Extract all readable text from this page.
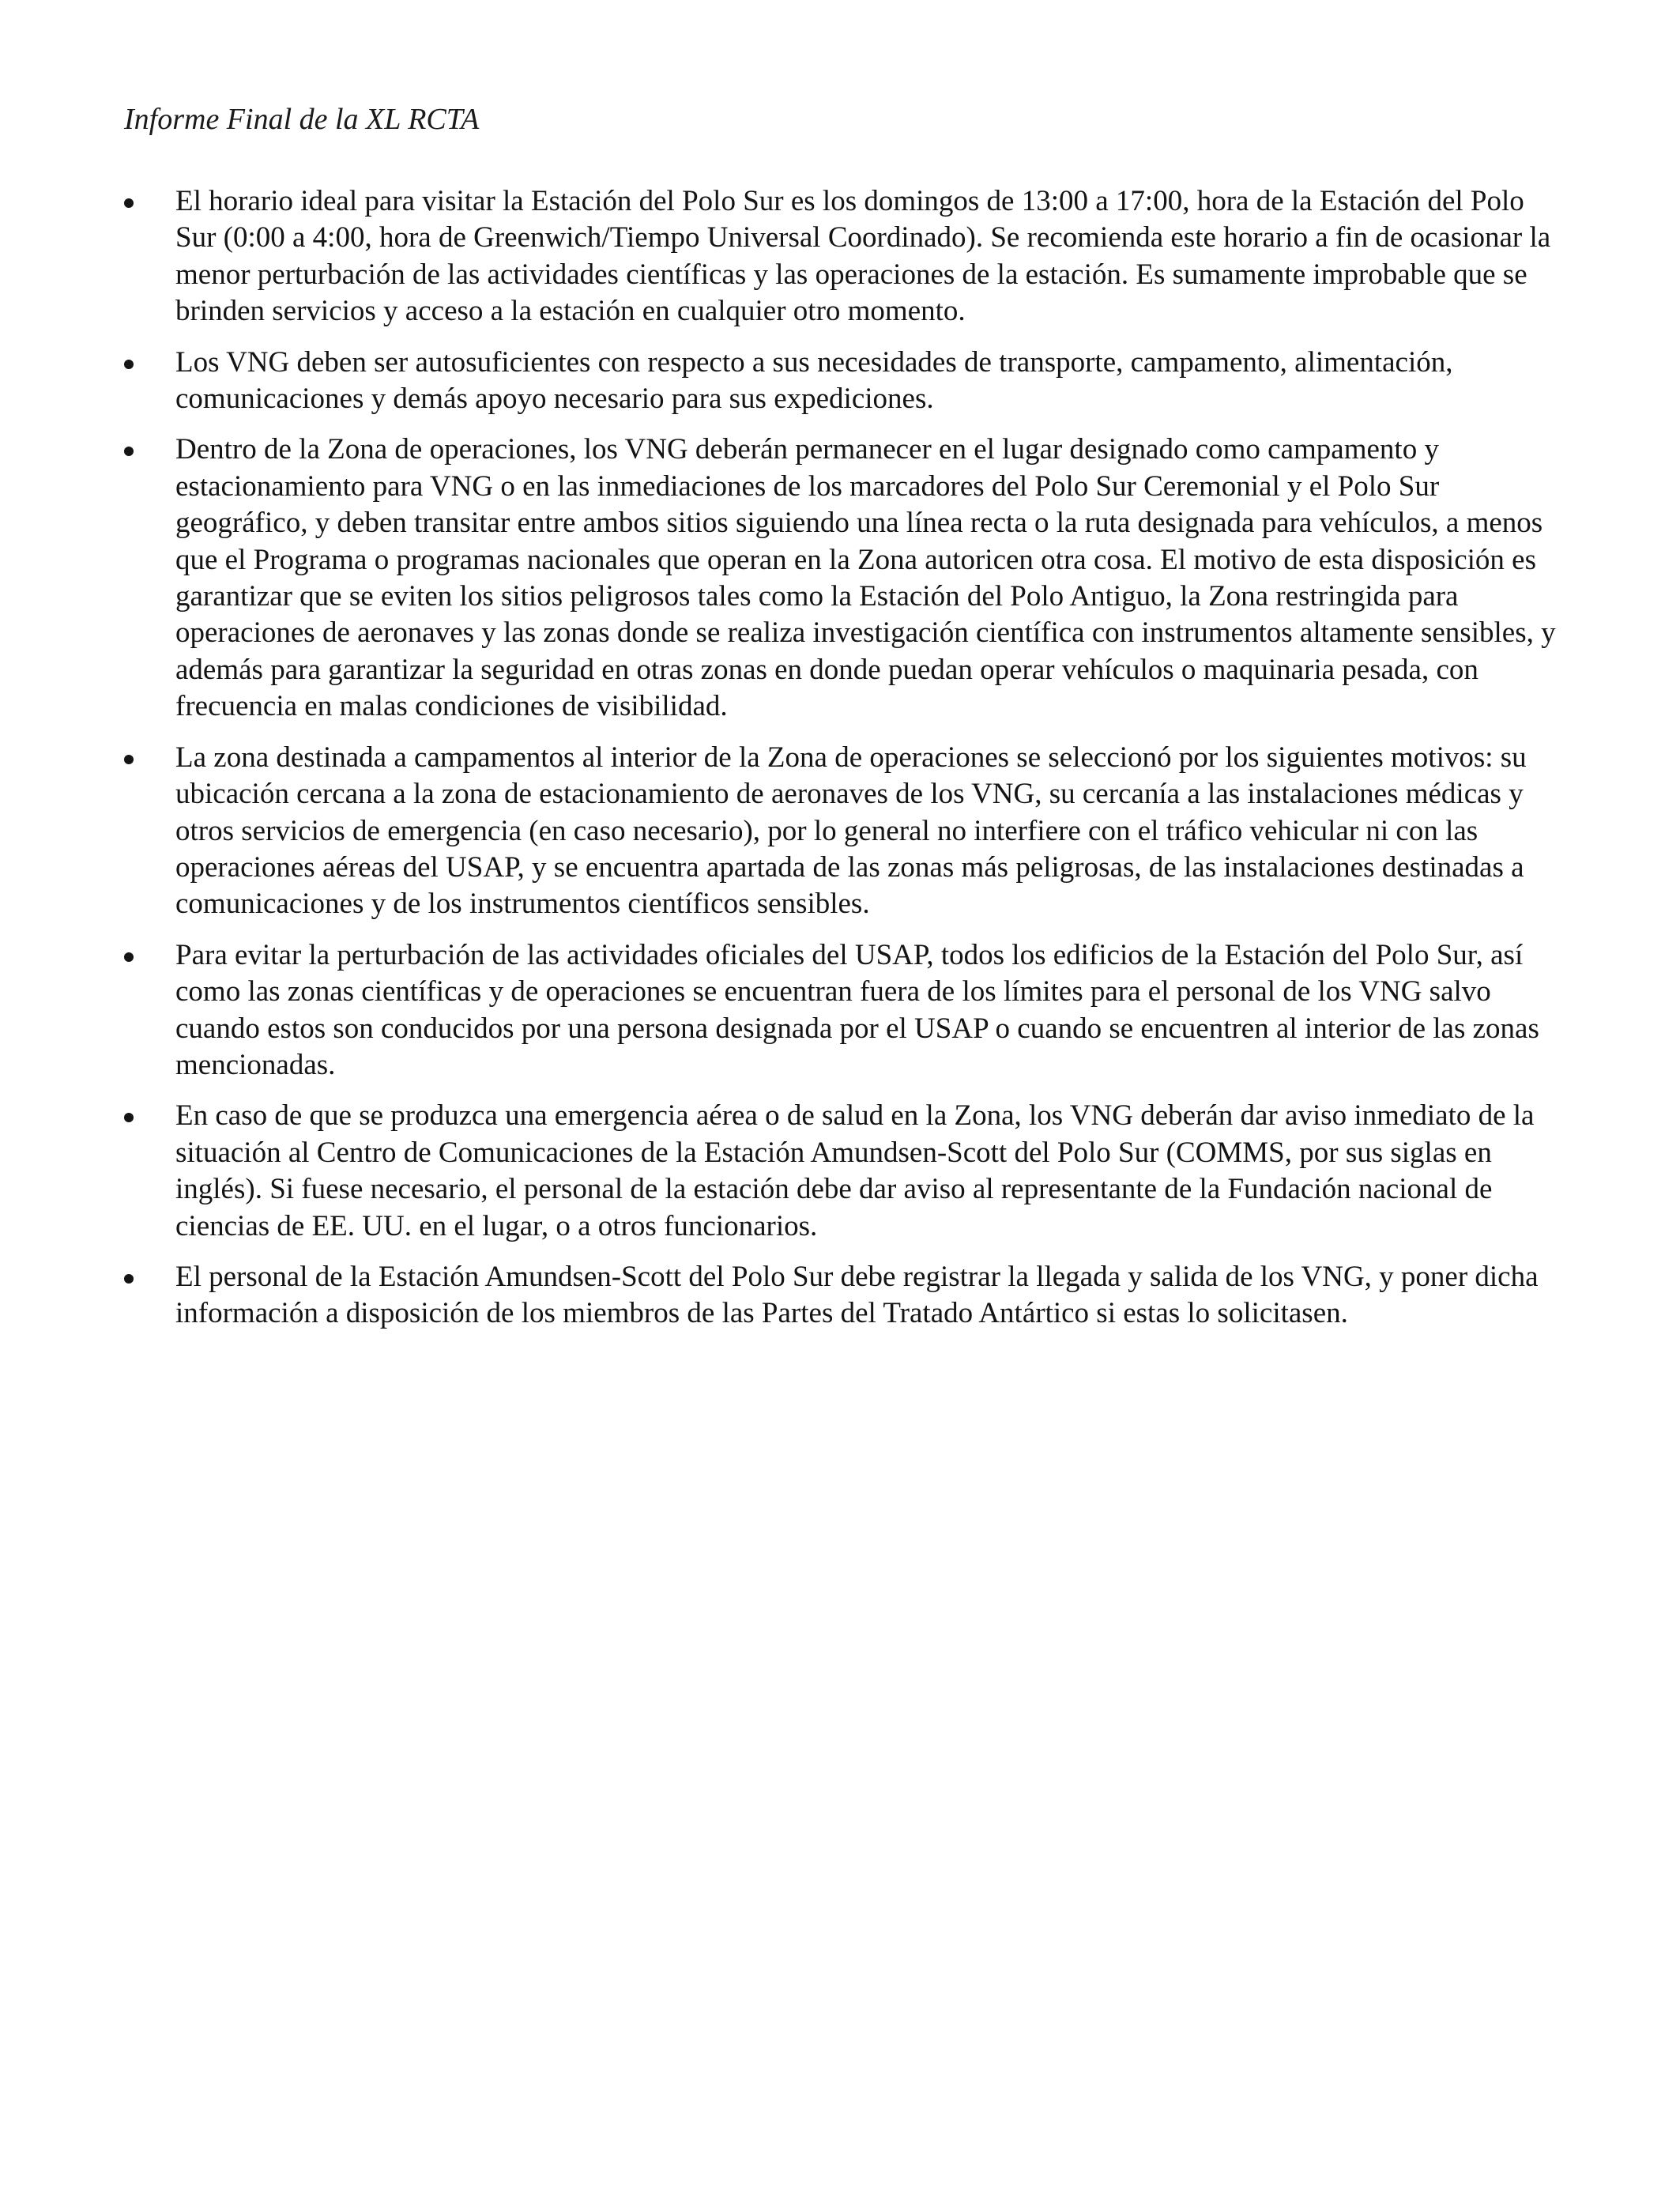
Informe Final de la XL RCTA
El horario ideal para visitar la Estación del Polo Sur es los domingos de 13:00 a 17:00, hora de la Estación del Polo Sur (0:00 a 4:00, hora de Greenwich/Tiempo Universal Coordinado). Se recomienda este horario a fin de ocasionar la menor perturbación de las actividades científicas y las operaciones de la estación. Es sumamente improbable que se brinden servicios y acceso a la estación en cualquier otro momento.
Los VNG deben ser autosuficientes con respecto a sus necesidades de transporte, campamento, alimentación, comunicaciones y demás apoyo necesario para sus expediciones.
Dentro de la Zona de operaciones, los VNG deberán permanecer en el lugar designado como campamento y estacionamiento para VNG o en las inmediaciones de los marcadores del Polo Sur Ceremonial y el Polo Sur geográfico, y deben transitar entre ambos sitios siguiendo una línea recta o la ruta designada para vehículos, a menos que el Programa o programas nacionales que operan en la Zona autoricen otra cosa. El motivo de esta disposición es garantizar que se eviten los sitios peligrosos tales como la Estación del Polo Antiguo, la Zona restringida para operaciones de aeronaves y las zonas donde se realiza investigación científica con instrumentos altamente sensibles, y además para garantizar la seguridad en otras zonas en donde puedan operar vehículos o maquinaria pesada, con frecuencia en malas condiciones de visibilidad.
La zona destinada a campamentos al interior de la Zona de operaciones se seleccionó por los siguientes motivos: su ubicación cercana a la zona de estacionamiento de aeronaves de los VNG, su cercanía a las instalaciones médicas y otros servicios de emergencia (en caso necesario), por lo general no interfiere con el tráfico vehicular ni con las operaciones aéreas del USAP, y se encuentra apartada de las zonas más peligrosas, de las instalaciones destinadas a comunicaciones y de los instrumentos científicos sensibles.
Para evitar la perturbación de las actividades oficiales del USAP, todos los edificios de la Estación del Polo Sur, así como las zonas científicas y de operaciones se encuentran fuera de los límites para el personal de los VNG salvo cuando estos son conducidos por una persona designada por el USAP o cuando se encuentren al interior de las zonas mencionadas.
En caso de que se produzca una emergencia aérea o de salud en la Zona, los VNG deberán dar aviso inmediato de la situación al Centro de Comunicaciones de la Estación Amundsen-Scott del Polo Sur (COMMS, por sus siglas en inglés). Si fuese necesario, el personal de la estación debe dar aviso al representante de la Fundación nacional de ciencias de EE. UU. en el lugar, o a otros funcionarios.
El personal de la Estación Amundsen-Scott del Polo Sur debe registrar la llegada y salida de los VNG, y poner dicha información a disposición de los miembros de las Partes del Tratado Antártico si estas lo solicitasen.
